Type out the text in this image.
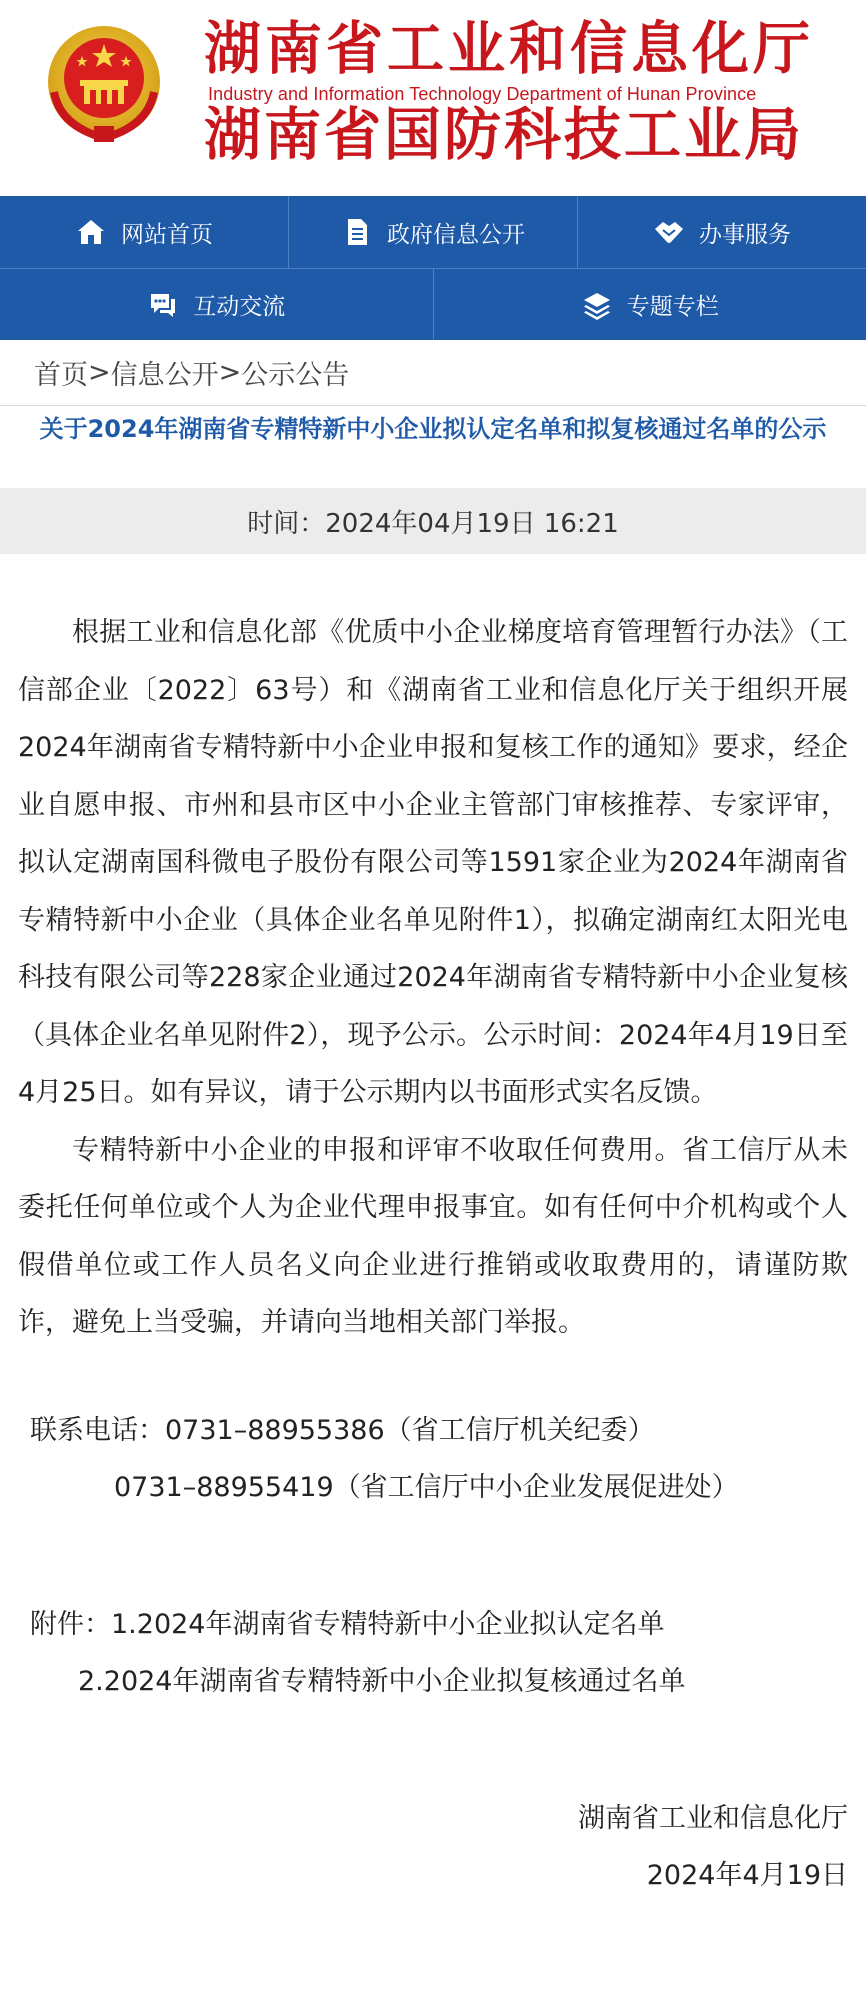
湖南省工业和信息化厅
Industry and Information Technology Department of Hunan Province
湖南省国防科技工业局
网站首页	政府信息公开	办事服务
互动交流	专题专栏
首页 > 信息公开 > 公示公告
关于2024年湖南省专精特新中小企业拟认定名单和拟复核通过名单的公示
时间：2024年04月19日 16:21

根据工业和信息化部《优质中小企业梯度培育管理暂行办法》（工信部企业〔2022〕63号）和《湖南省工业和信息化厅关于组织开展2024年湖南省专精特新中小企业申报和复核工作的通知》要求，经企业自愿申报、市州和县市区中小企业主管部门审核推荐、专家评审，拟认定湖南国科微电子股份有限公司等1591家企业为2024年湖南省专精特新中小企业（具体企业名单见附件1），拟确定湖南红太阳光电科技有限公司等228家企业通过2024年湖南省专精特新中小企业复核（具体企业名单见附件2），现予公示。公示时间：2024年4月19日至4月25日。如有异议，请于公示期内以书面形式实名反馈。

专精特新中小企业的申报和评审不收取任何费用。省工信厅从未委托任何单位或个人为企业代理申报事宜。如有任何中介机构或个人假借单位或工作人员名义向企业进行推销或收取费用的，请谨防欺诈，避免上当受骗，并请向当地相关部门举报。

联系电话：0731–88955386（省工信厅机关纪委）
0731–88955419（省工信厅中小企业发展促进处）
附件：1.2024年湖南省专精特新中小企业拟认定名单
2.2024年湖南省专精特新中小企业拟复核通过名单
湖南省工业和信息化厅
2024年4月19日
